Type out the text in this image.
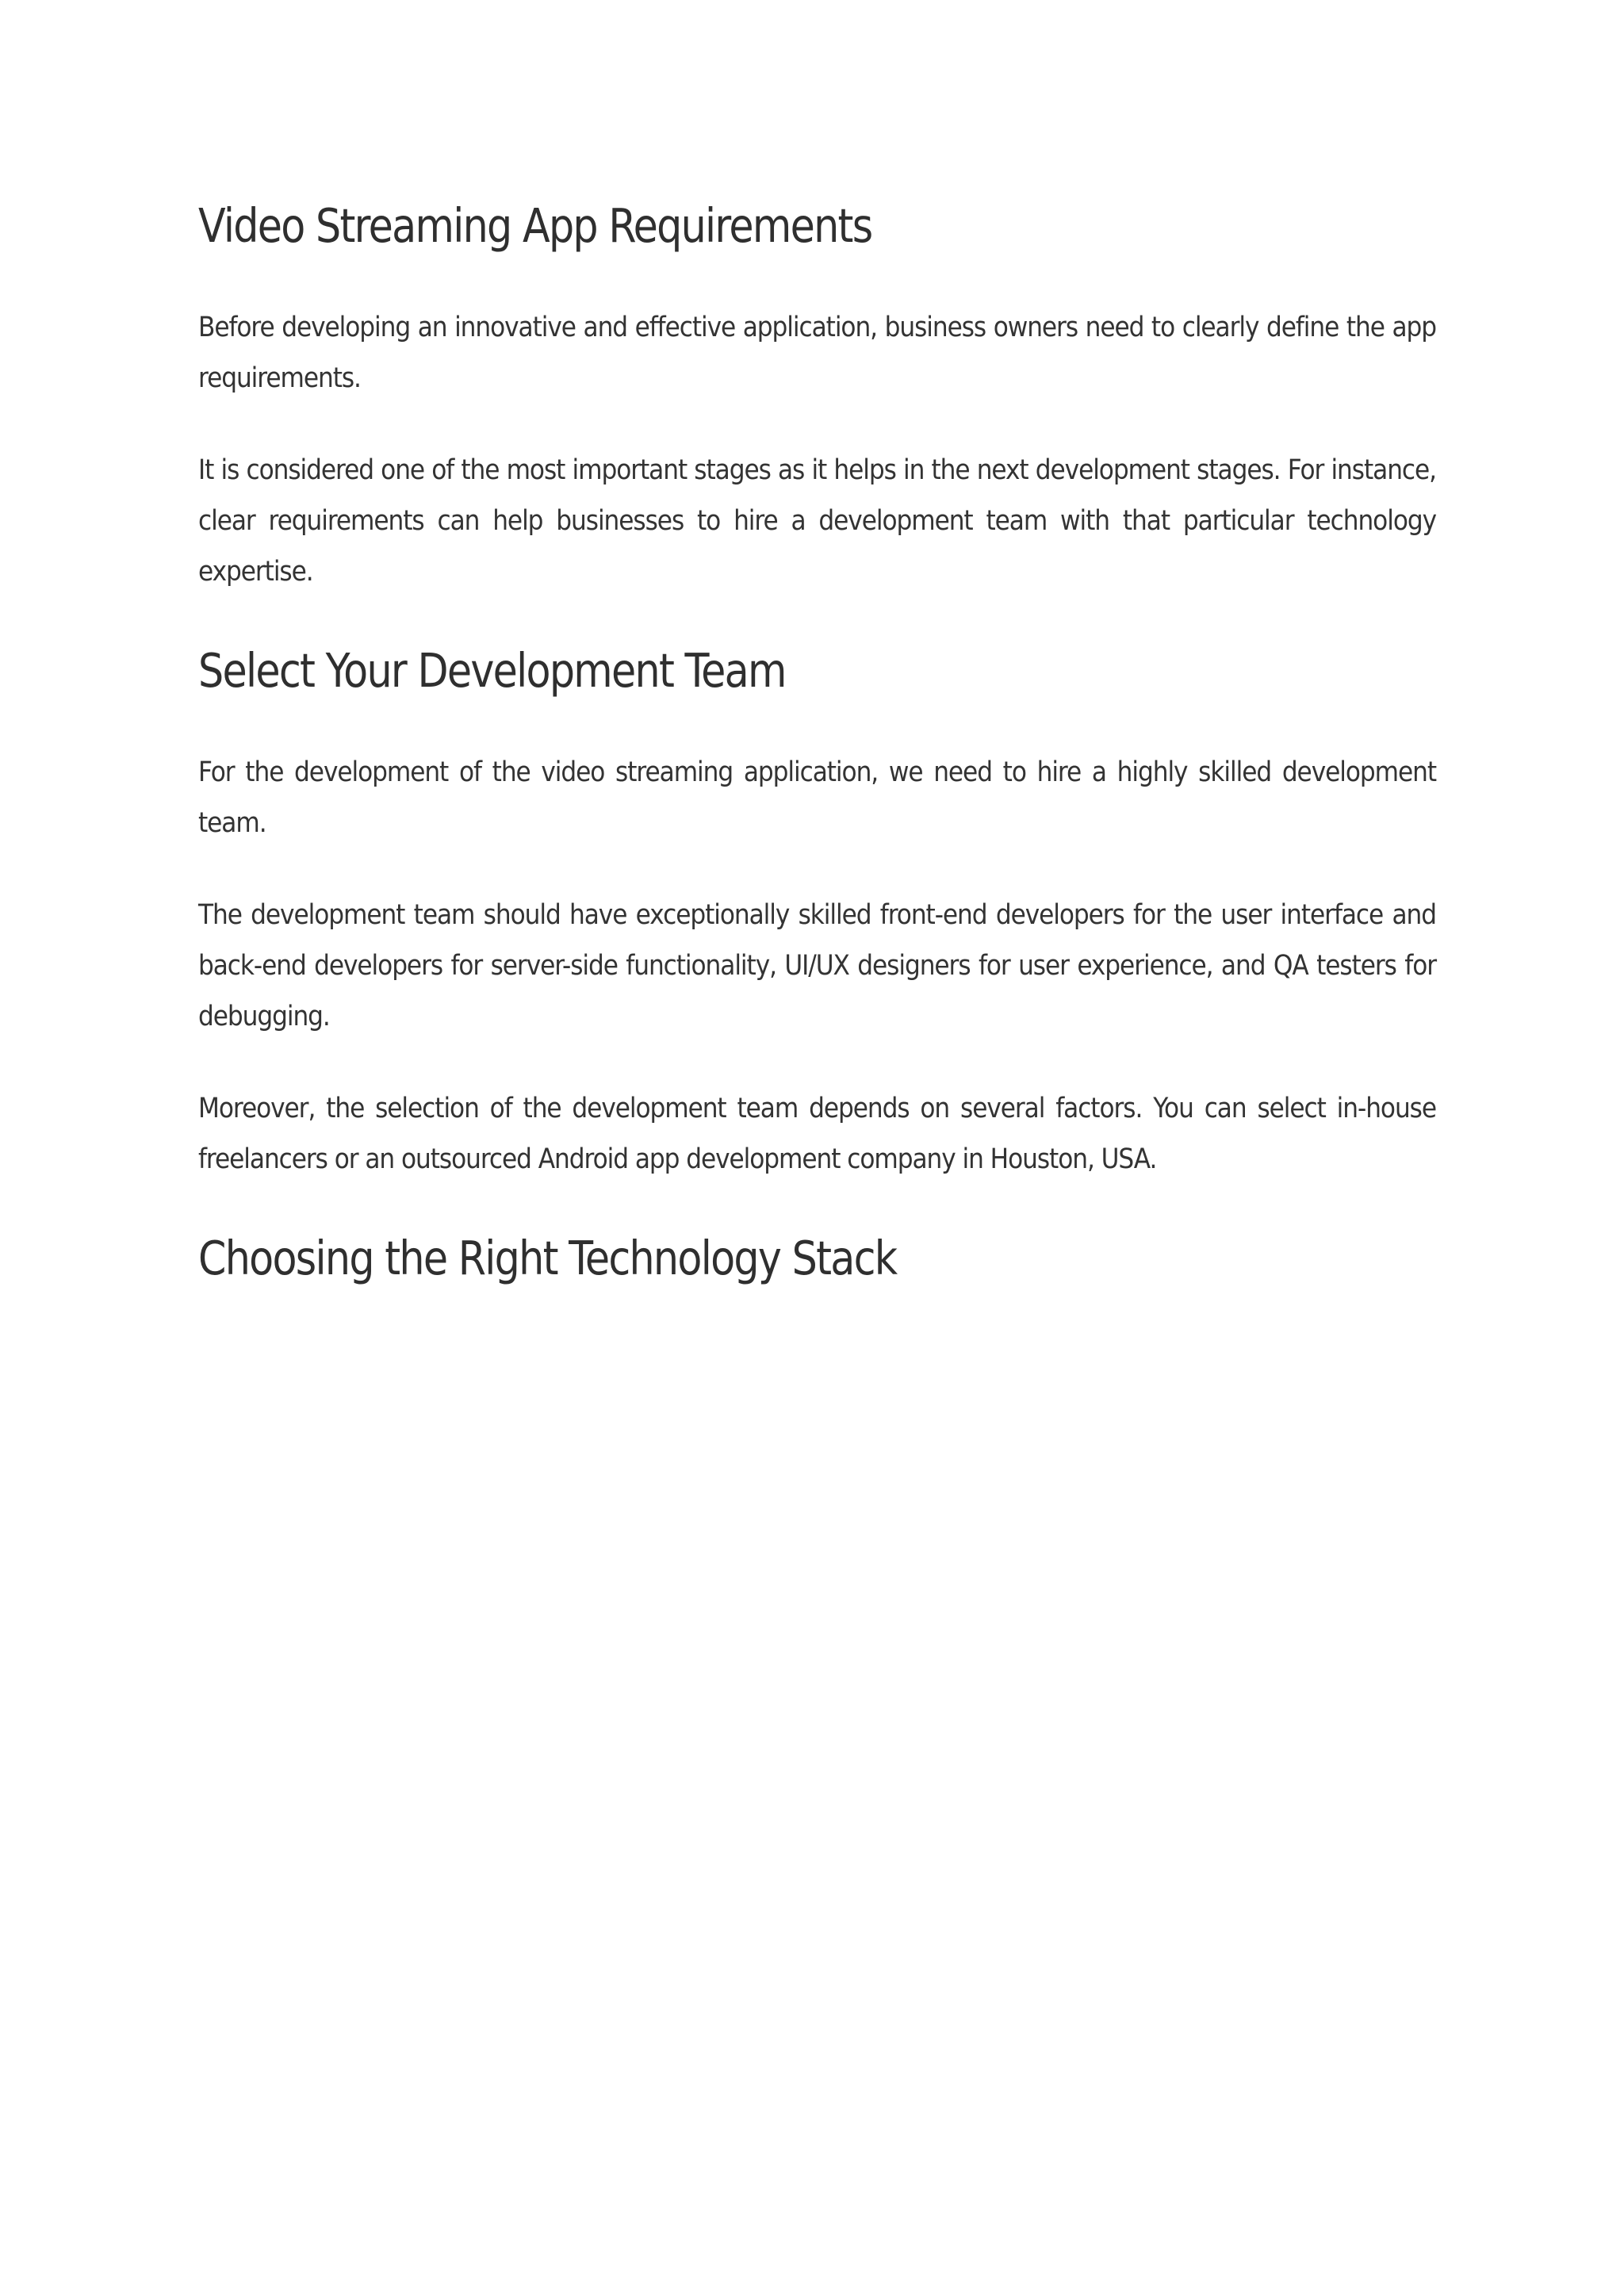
Video Streaming App Requirements

Before developing an innovative and effective application, business owners need to clearly define the app requirements.

It is considered one of the most important stages as it helps in the next development stages. For instance, clear requirements can help businesses to hire a development team with that particular technology expertise.

Select Your Development Team

For the development of the video streaming application, we need to hire a highly skilled development team.

The development team should have exceptionally skilled front-end developers for the user interface and back-end developers for server-side functionality, UI/UX designers for user experience, and QA testers for debugging.

Moreover, the selection of the development team depends on several factors. You can select in-house freelancers or an outsourced Android app development company in Houston, USA.

Choosing the Right Technology Stack
